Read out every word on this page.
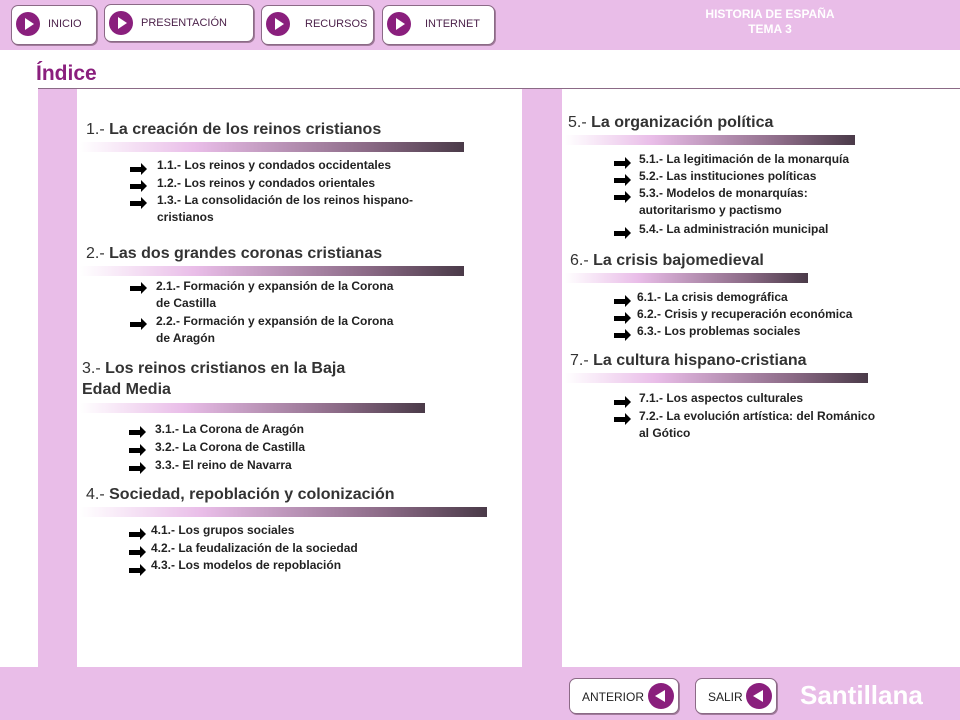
INICIO	PRESENTACIÓN	RECURSOS	INTERNET
HISTORIA DE ESPAÑA
TEMA 3
Índice
1.- La creación de los reinos cristianos
1.1.- Los reinos y condados occidentales
1.2.- Los reinos y condados orientales
1.3.- La consolidación de los reinos hispano-
cristianos
2.- Las dos grandes coronas cristianas
2.1.- Formación y expansión de la Corona
de Castilla
2.2.- Formación y expansión de la Corona
de Aragón
3.- Los reinos cristianos en la Baja
Edad Media
3.1.- La Corona de Aragón
3.2.- La Corona de Castilla
3.3.- El reino de Navarra
4.- Sociedad, repoblación y colonización
4.1.- Los grupos sociales
4.2.- La feudalización de la sociedad
4.3.- Los modelos de repoblación
5.- La organización política
5.1.- La legitimación de la monarquía
5.2.- Las instituciones políticas
5.3.- Modelos de monarquías:
autoritarismo y pactismo
5.4.- La administración municipal
6.- La crisis bajomedieval
6.1.- La crisis demográfica
6.2.- Crisis y recuperación económica
6.3.- Los problemas sociales
7.- La cultura hispano-cristiana
7.1.- Los aspectos culturales
7.2.- La evolución artística: del Románico
al Gótico
ANTERIOR	SALIR Santillana
